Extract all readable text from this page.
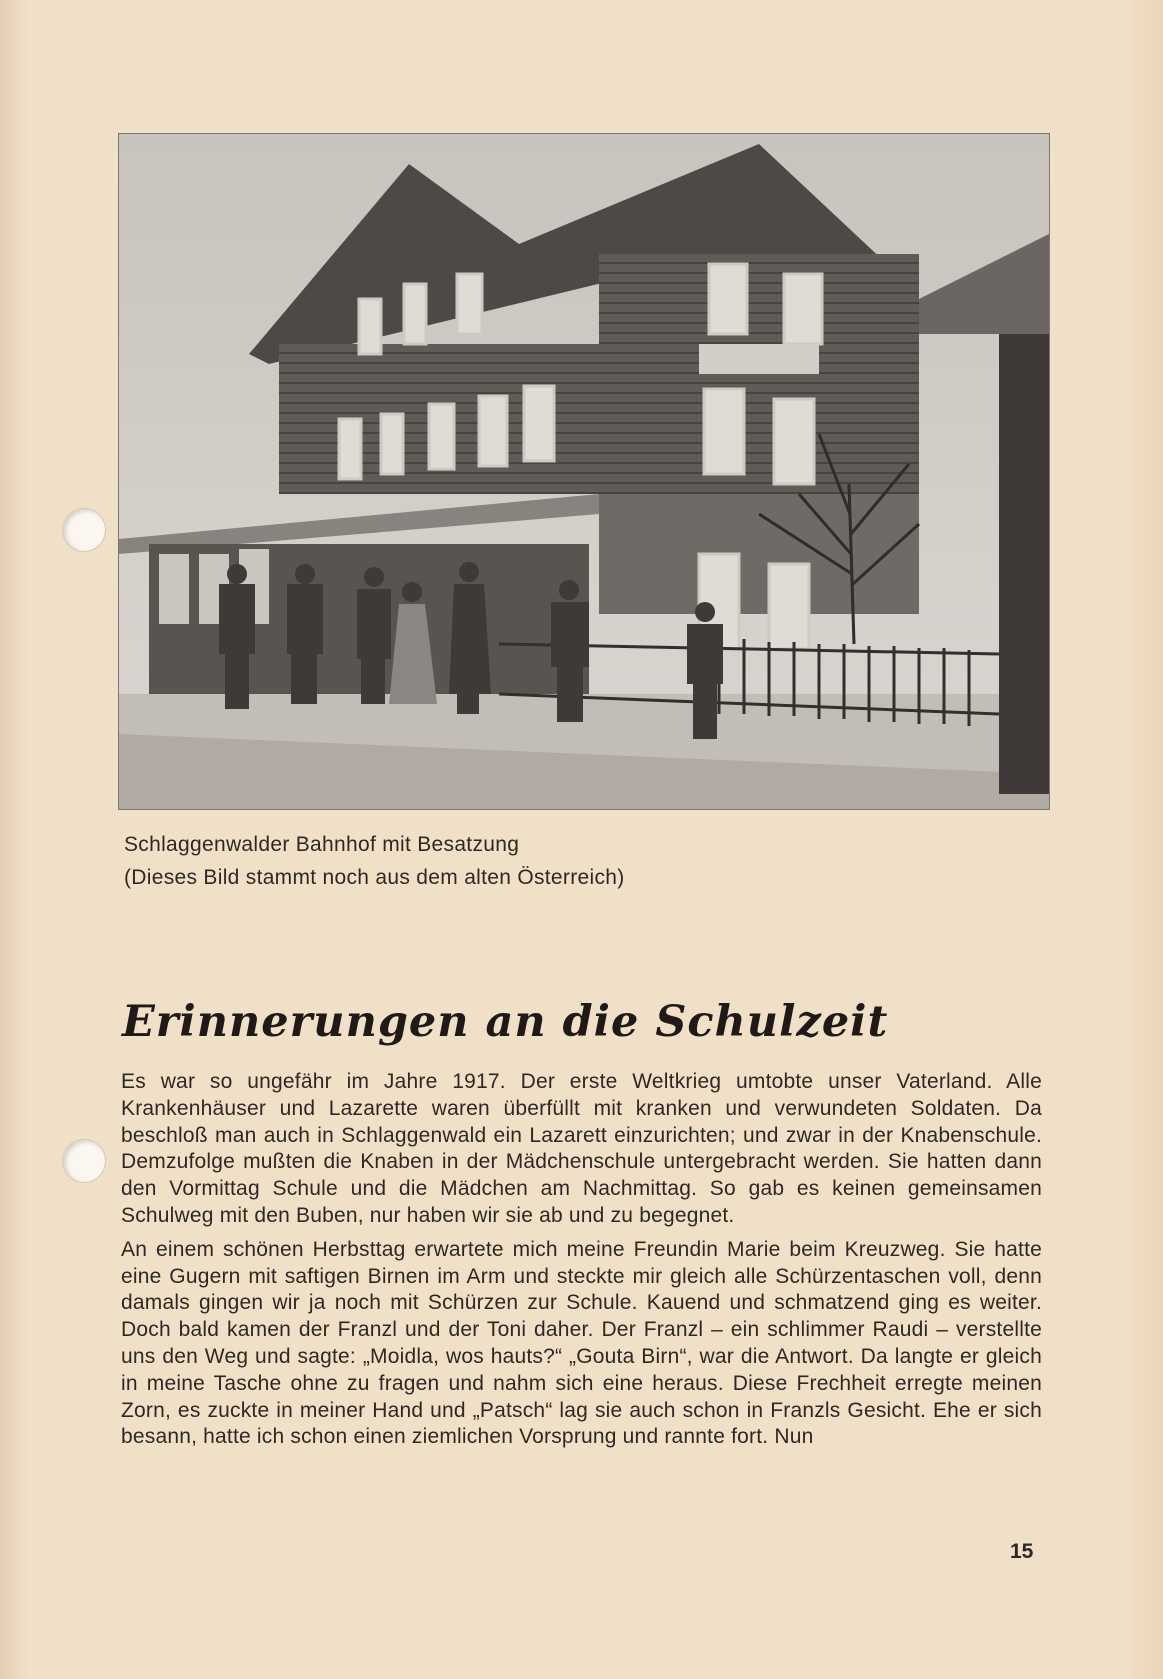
Schlaggenwalder Bahnhof mit Besatzung
(Dieses Bild stammt noch aus dem alten Österreich)
Erinnerungen an die Schulzeit

Es war so ungefähr im Jahre 1917. Der erste Weltkrieg umtobte unser Vaterland. Alle Krankenhäuser und Lazarette waren überfüllt mit kranken und verwundeten Soldaten. Da beschloß man auch in Schlaggenwald ein Lazarett einzurichten; und zwar in der Knabenschule. Demzufolge mußten die Knaben in der Mädchenschule untergebracht werden. Sie hatten dann den Vormittag Schule und die Mädchen am Nachmittag. So gab es keinen gemeinsamen Schulweg mit den Buben, nur haben wir sie ab und zu begegnet.

An einem schönen Herbsttag erwartete mich meine Freundin Marie beim Kreuzweg. Sie hatte eine Gugern mit saftigen Birnen im Arm und steckte mir gleich alle Schürzentaschen voll, denn damals gingen wir ja noch mit Schürzen zur Schule. Kauend und schmatzend ging es weiter. Doch bald kamen der Franzl und der Toni daher. Der Franzl – ein schlimmer Raudi – verstellte uns den Weg und sagte: „Moidla, wos hauts?“ „Gouta Birn“, war die Antwort. Da langte er gleich in meine Tasche ohne zu fragen und nahm sich eine heraus. Diese Frechheit erregte meinen Zorn, es zuckte in meiner Hand und „Patsch“ lag sie auch schon in Franzls Gesicht. Ehe er sich besann, hatte ich schon einen ziemlichen Vorsprung und rannte fort. Nun

15
